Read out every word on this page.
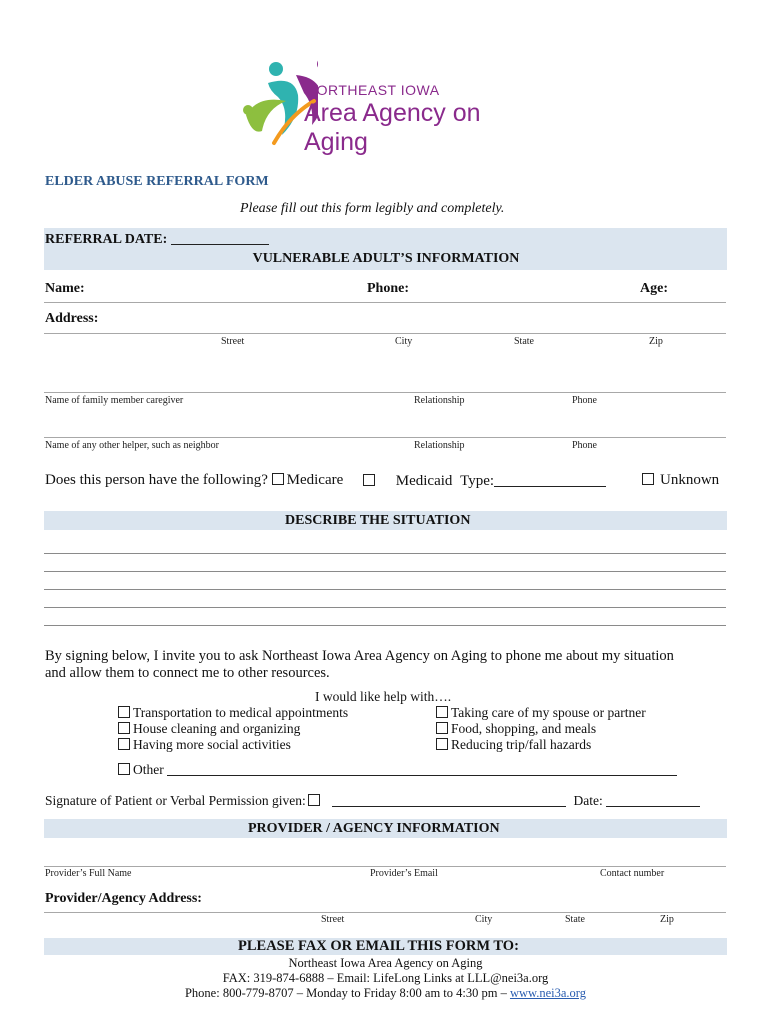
NORTHEAST IOWA
Area Agency on Aging
ELDER ABUSE REFERRAL FORM
Please fill out this form legibly and completely.
REFERRAL DATE:
VULNERABLE ADULT’S INFORMATION
Name:	Phone:	Age:
Address:
Street	City	State	Zip
Name of family member caregiver	Relationship	Phone
Name of any other helper, such as neighbor	Relationship	Phone
Does this person have the following? Medicare	Medicaid Type:	Unknown
DESCRIBE THE SITUATION
By signing below, I invite you to ask Northeast Iowa Area Agency on Aging to phone me about my situation
and allow them to connect me to other resources.
I would like help with….
Transportation to medical appointments
House cleaning and organizing
Having more social activities
Taking care of my spouse or partner
Food, shopping, and meals
Reducing trip/fall hazards
Other
Signature of Patient or Verbal Permission given:	Date:
PROVIDER / AGENCY INFORMATION
Provider’s Full Name	Provider’s Email	Contact number
Provider/Agency Address:
Street	City	State	Zip
PLEASE FAX OR EMAIL THIS FORM TO:
Northeast Iowa Area Agency on Aging
FAX: 319-874-6888 – Email: LifeLong Links at LLL@nei3a.org
Phone: 800-779-8707 – Monday to Friday 8:00 am to 4:30 pm – www.nei3a.org
